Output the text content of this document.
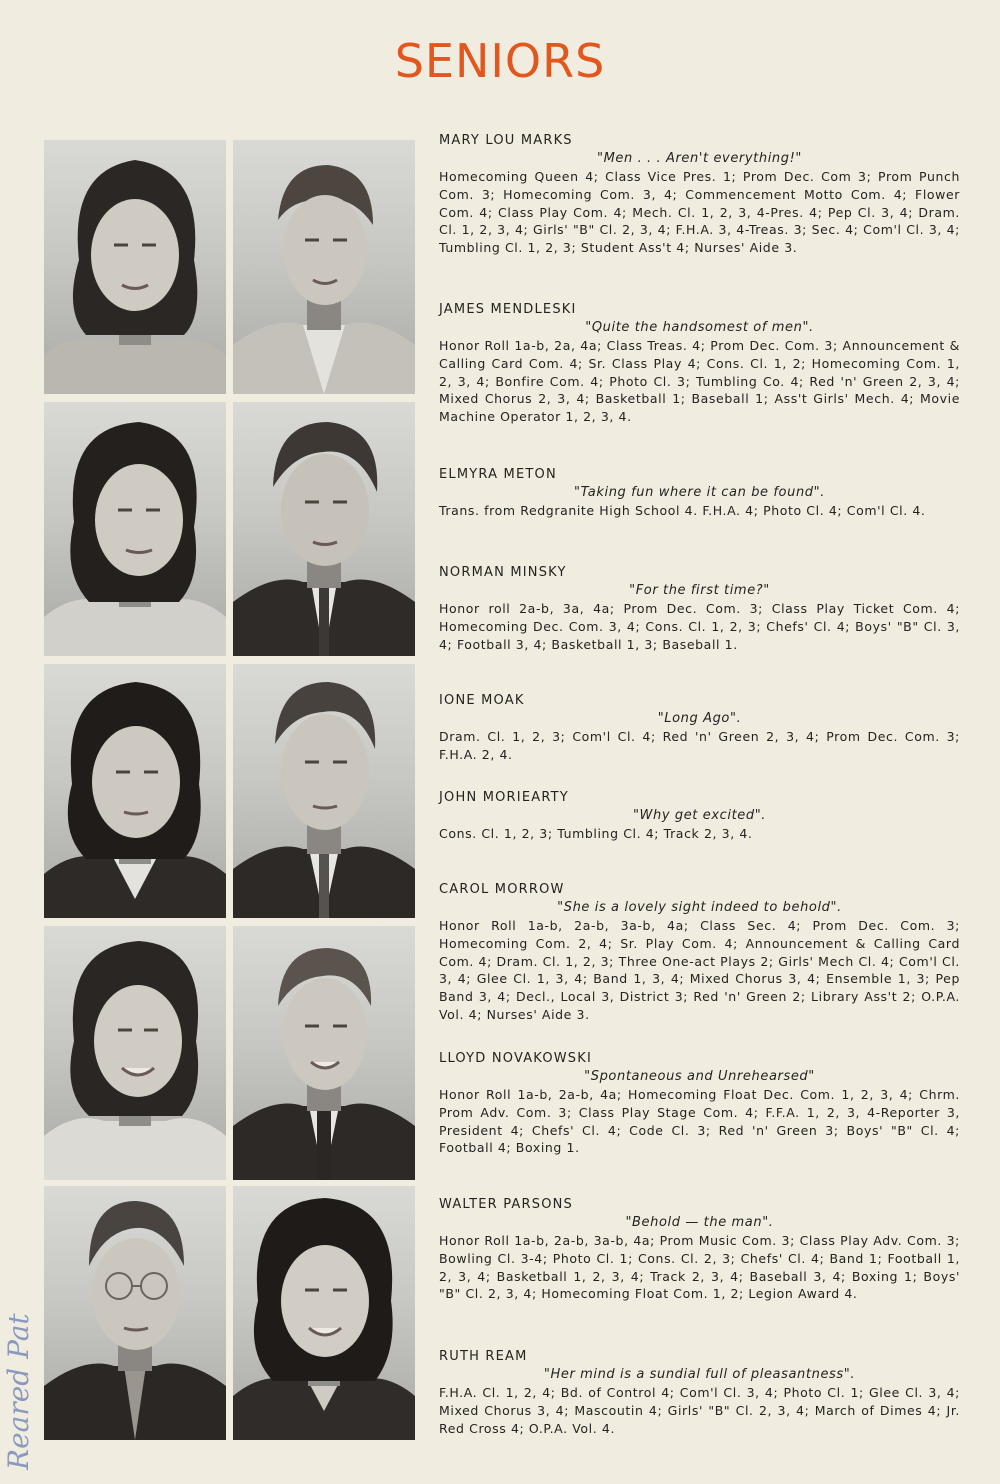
SENIORS
MARY LOU MARKS
"Men . . . Aren't everything!"
Homecoming Queen 4; Class Vice Pres. 1; Prom Dec. Com 3; Prom Punch Com. 3; Homecoming Com. 3, 4; Commencement Motto Com. 4; Flower Com. 4; Class Play Com. 4; Mech. Cl. 1, 2, 3, 4-Pres. 4; Pep Cl. 3, 4; Dram. Cl. 1, 2, 3, 4; Girls' "B" Cl. 2, 3, 4; F.H.A. 3, 4-Treas. 3; Sec. 4; Com'l Cl. 3, 4; Tumbling Cl. 1, 2, 3; Student Ass't 4; Nurses' Aide 3.
JAMES MENDLESKI
"Quite the handsomest of men".
Honor Roll 1a-b, 2a, 4a; Class Treas. 4; Prom Dec. Com. 3; Announcement & Calling Card Com. 4; Sr. Class Play 4; Cons. Cl. 1, 2; Homecoming Com. 1, 2, 3, 4; Bonfire Com. 4; Photo Cl. 3; Tumbling Co. 4; Red 'n' Green 2, 3, 4; Mixed Chorus 2, 3, 4; Basketball 1; Baseball 1; Ass't Girls' Mech. 4; Movie Machine Operator 1, 2, 3, 4.
ELMYRA METON
"Taking fun where it can be found".
Trans. from Redgranite High School 4. F.H.A. 4; Photo Cl. 4; Com'l Cl. 4.
NORMAN MINSKY
"For the first time?"
Honor roll 2a-b, 3a, 4a; Prom Dec. Com. 3; Class Play Ticket Com. 4; Homecoming Dec. Com. 3, 4; Cons. Cl. 1, 2, 3; Chefs' Cl. 4; Boys' "B" Cl. 3, 4; Football 3, 4; Basketball 1, 3; Baseball 1.
IONE MOAK
"Long Ago".
Dram. Cl. 1, 2, 3; Com'l Cl. 4; Red 'n' Green 2, 3, 4; Prom Dec. Com. 3; F.H.A. 2, 4.
JOHN MORIEARTY
"Why get excited".
Cons. Cl. 1, 2, 3; Tumbling Cl. 4; Track 2, 3, 4.
CAROL MORROW
"She is a lovely sight indeed to behold".
Honor Roll 1a-b, 2a-b, 3a-b, 4a; Class Sec. 4; Prom Dec. Com. 3; Homecoming Com. 2, 4; Sr. Play Com. 4; Announcement & Calling Card Com. 4; Dram. Cl. 1, 2, 3; Three One-act Plays 2; Girls' Mech Cl. 4; Com'l Cl. 3, 4; Glee Cl. 1, 3, 4; Band 1, 3, 4; Mixed Chorus 3, 4; Ensemble 1, 3; Pep Band 3, 4; Decl., Local 3, District 3; Red 'n' Green 2; Library Ass't 2; O.P.A. Vol. 4; Nurses' Aide 3.
LLOYD NOVAKOWSKI
"Spontaneous and Unrehearsed"
Honor Roll 1a-b, 2a-b, 4a; Homecoming Float Dec. Com. 1, 2, 3, 4; Chrm. Prom Adv. Com. 3; Class Play Stage Com. 4; F.F.A. 1, 2, 3, 4-Reporter 3, President 4; Chefs' Cl. 4; Code Cl. 3; Red 'n' Green 3; Boys' "B" Cl. 4; Football 4; Boxing 1.
WALTER PARSONS
"Behold — the man".
Honor Roll 1a-b, 2a-b, 3a-b, 4a; Prom Music Com. 3; Class Play Adv. Com. 3; Bowling Cl. 3-4; Photo Cl. 1; Cons. Cl. 2, 3; Chefs' Cl. 4; Band 1; Football 1, 2, 3, 4; Basketball 1, 2, 3, 4; Track 2, 3, 4; Baseball 3, 4; Boxing 1; Boys' "B" Cl. 2, 3, 4; Homecoming Float Com. 1, 2; Legion Award 4.
RUTH REAM
"Her mind is a sundial full of pleasantness".
F.H.A. Cl. 1, 2, 4; Bd. of Control 4; Com'l Cl. 3, 4; Photo Cl. 1; Glee Cl. 3, 4; Mixed Chorus 3, 4; Mascoutin 4; Girls' "B" Cl. 2, 3, 4; March of Dimes 4; Jr. Red Cross 4; O.P.A. Vol. 4.
Reared Pat
